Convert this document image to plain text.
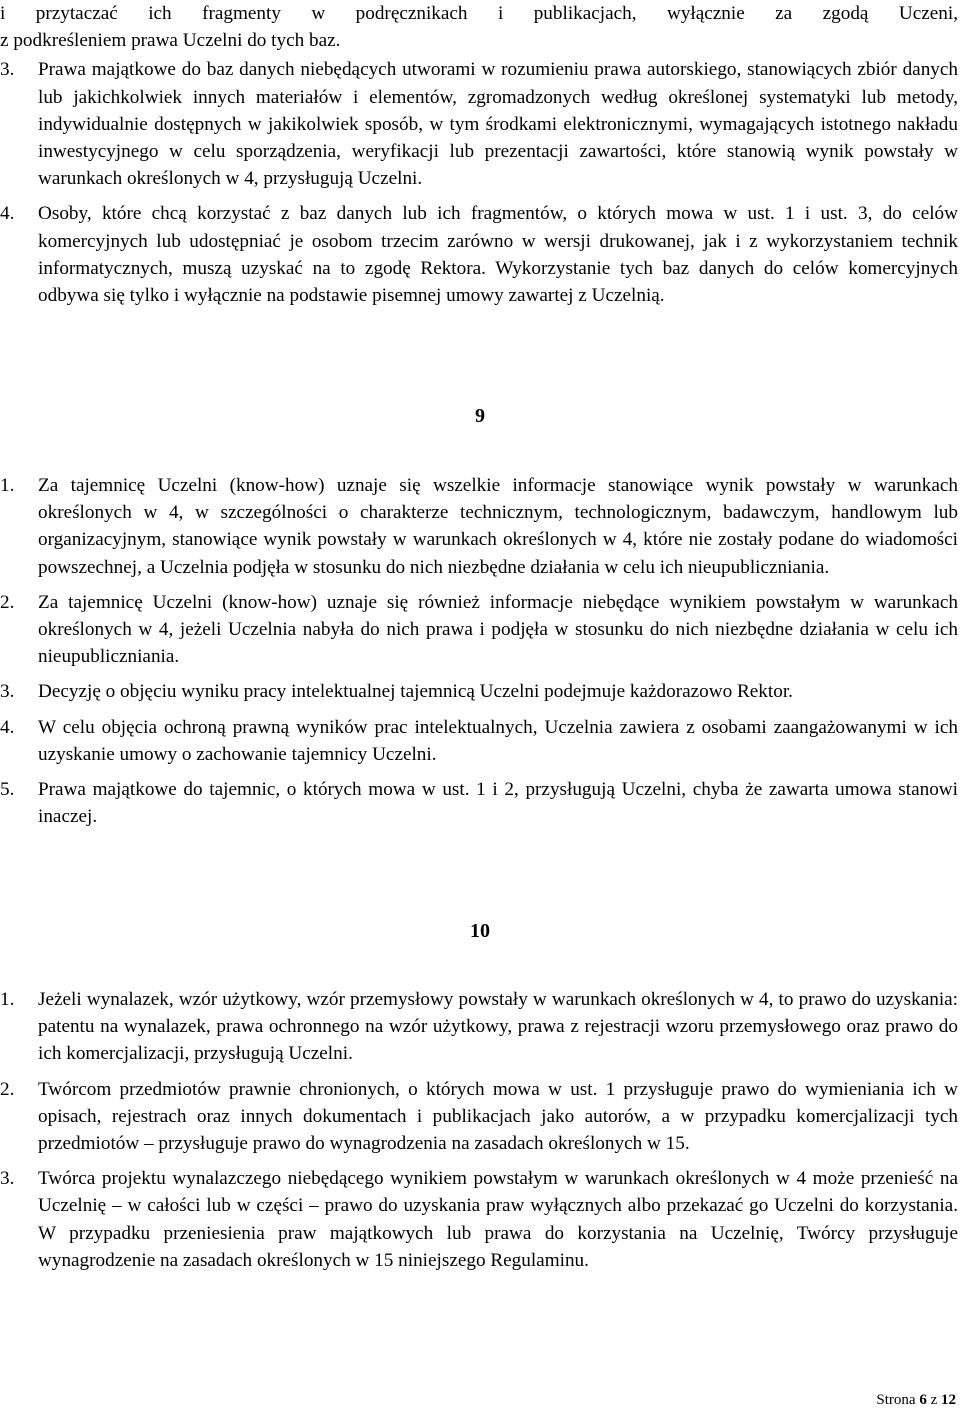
i przytaczać ich fragmenty w podręcznikach i publikacjach, wyłącznie za zgodą Uczeni,
z podkreśleniem prawa Uczelni do tych baz.
3.	Prawa majątkowe do baz danych niebędących utworami w rozumieniu prawa autorskiego, stanowiących zbiór danych lub jakichkolwiek innych materiałów i elementów, zgromadzonych według określonej systematyki lub metody, indywidualnie dostępnych w jakikolwiek sposób, w tym środkami elektronicznymi, wymagających istotnego nakładu inwestycyjnego w celu sporządzenia, weryfikacji lub prezentacji zawartości, które stanowią wynik powstały w warunkach określonych w 4, przysługują Uczelni.
4.	Osoby, które chcą korzystać z baz danych lub ich fragmentów, o których mowa w ust. 1 i ust. 3, do celów komercyjnych lub udostępniać je osobom trzecim zarówno w wersji drukowanej, jak i z wykorzystaniem technik informatycznych, muszą uzyskać na to zgodę Rektora. Wykorzystanie tych baz danych do celów komercyjnych odbywa się tylko i wyłącznie na podstawie pisemnej umowy zawartej z Uczelnią.
9
1.	Za tajemnicę Uczelni (know-how) uznaje się wszelkie informacje stanowiące wynik powstały w warunkach określonych w 4, w szczególności o charakterze technicznym, technologicznym, badawczym, handlowym lub organizacyjnym, stanowiące wynik powstały w warunkach określonych w 4, które nie zostały podane do wiadomości powszechnej, a Uczelnia podjęła w stosunku do nich niezbędne działania w celu ich nieupubliczniania.
2.	Za tajemnicę Uczelni (know-how) uznaje się również informacje niebędące wynikiem powstałym w warunkach określonych w 4, jeżeli Uczelnia nabyła do nich prawa i podjęła w stosunku do nich niezbędne działania w celu ich nieupubliczniania.
3.	Decyzję o objęciu wyniku pracy intelektualnej tajemnicą Uczelni podejmuje każdorazowo Rektor.
4.	W celu objęcia ochroną prawną wyników prac intelektualnych, Uczelnia zawiera z osobami zaangażowanymi w ich uzyskanie umowy o zachowanie tajemnicy Uczelni.
5.	Prawa majątkowe do tajemnic, o których mowa w ust. 1 i 2, przysługują Uczelni, chyba że zawarta umowa stanowi inaczej.
10
1.	Jeżeli wynalazek, wzór użytkowy, wzór przemysłowy powstały w warunkach określonych w 4, to prawo do uzyskania: patentu na wynalazek, prawa ochronnego na wzór użytkowy, prawa z rejestracji wzoru przemysłowego oraz prawo do ich komercjalizacji, przysługują Uczelni.
2.	Twórcom przedmiotów prawnie chronionych, o których mowa w ust. 1 przysługuje prawo do wymieniania ich w opisach, rejestrach oraz innych dokumentach i publikacjach jako autorów, a w przypadku komercjalizacji tych przedmiotów – przysługuje prawo do wynagrodzenia na zasadach określonych w 15.
3.	Twórca projektu wynalazczego niebędącego wynikiem powstałym w warunkach określonych w 4 może przenieść na Uczelnię – w całości lub w części – prawo do uzyskania praw wyłącznych albo przekazać go Uczelni do korzystania. W przypadku przeniesienia praw majątkowych lub prawa do korzystania na Uczelnię, Twórcy przysługuje wynagrodzenie na zasadach określonych w 15 niniejszego Regulaminu.
Strona 6 z 12
